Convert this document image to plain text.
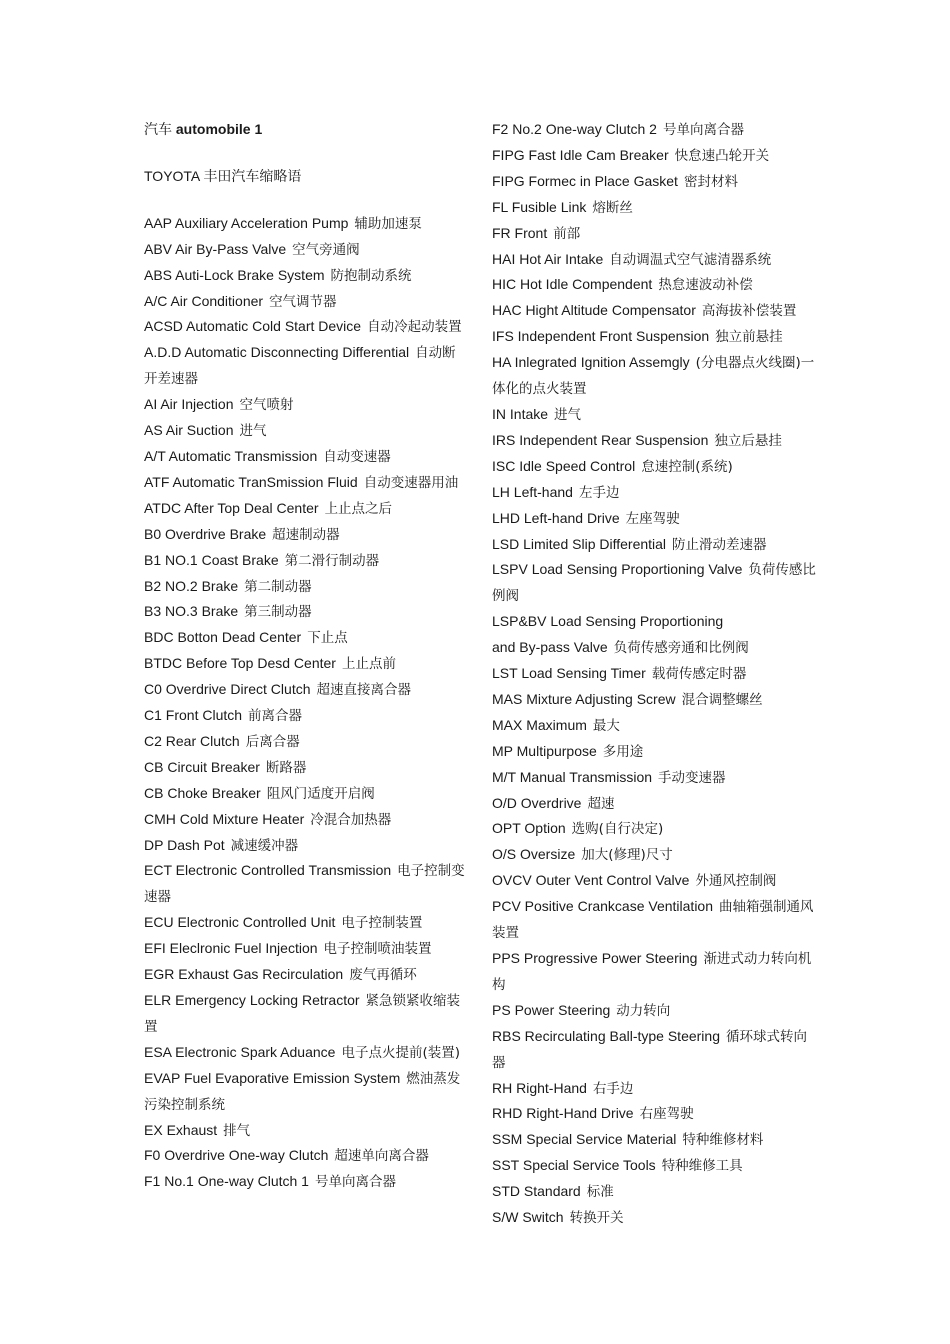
汽车 automobile 1
TOYOTA 丰田汽车缩略语
AAP Auxiliary Acceleration Pump 辅助加速泵
ABV Air By-Pass Valve 空气旁通阀
ABS Auti-Lock Brake System 防抱制动系统
A/C Air Conditioner 空气调节器
ACSD Automatic Cold Start Device 自动冷起动装置
A.D.D Automatic Disconnecting Differential 自动断开差速器
AI Air Injection 空气喷射
AS Air Suction 进气
A/T Automatic Transmission 自动变速器
ATF Automatic TranSmission Fluid 自动变速器用油
ATDC After Top Deal Center 上止点之后
B0 Overdrive Brake 超速制动器
B1 NO.1 Coast Brake 第二滑行制动器
B2 NO.2 Brake 第二制动器
B3 NO.3 Brake 第三制动器
BDC Botton Dead Center 下止点
BTDC Before Top Desd Center 上止点前
C0 Overdrive Direct Clutch 超速直接离合器
C1 Front Clutch 前离合器
C2 Rear Clutch 后离合器
CB Circuit Breaker 断路器
CB Choke Breaker 阻风门适度开启阀
CMH Cold Mixture Heater 冷混合加热器
DP Dash Pot 减速缓冲器
ECT Electronic Controlled Transmission 电子控制变速器
ECU Electronic Controlled Unit 电子控制装置
EFI Eleclronic Fuel Injection 电子控制喷油装置
EGR Exhaust Gas Recirculation 废气再循环
ELR Emergency Locking Retractor 紧急锁紧收缩装置
ESA Electronic Spark Aduance 电子点火提前(装置)
EVAP Fuel Evaporative Emission System 燃油蒸发污染控制系统
EX Exhaust 排气
F0 Overdrive One-way Clutch 超速单向离合器
F1 No.1 One-way Clutch 1 号单向离合器
F2 No.2 One-way Clutch 2 号单向离合器
FIPG Fast Idle Cam Breaker 快怠速凸轮开关
FIPG Formec in Place Gasket 密封材料
FL Fusible Link 熔断丝
FR Front 前部
HAI Hot Air Intake 自动调温式空气滤清器系统
HIC Hot Idle Compendent 热怠速波动补偿
HAC Hight Altitude Compensator 高海拔补偿装置
IFS Independent Front Suspension 独立前悬挂
HA Inlegrated Ignition Assemgly (分电器点火线圈)一体化的点火装置
IN Intake 进气
IRS Independent Rear Suspension 独立后悬挂
ISC Idle Speed Control 怠速控制(系统)
LH Left-hand 左手边
LHD Left-hand Drive 左座驾驶
LSD Limited Slip Differential 防止滑动差速器
LSPV Load Sensing Proportioning Valve 负荷传感比例阀
LSP&BV Load Sensing Proportioning
and By-pass Valve 负荷传感旁通和比例阀
LST Load Sensing Timer 载荷传感定时器
MAS Mixture Adjusting Screw 混合调整螺丝
MAX Maximum 最大
MP Multipurpose 多用途
M/T Manual Transmission 手动变速器
O/D Overdrive 超速
OPT Option 选购(自行决定)
O/S Oversize 加大(修理)尺寸
OVCV Outer Vent Control Valve 外通风控制阀
PCV Positive Crankcase Ventilation 曲轴箱强制通风装置
PPS Progressive Power Steering 渐进式动力转向机构
PS Power Steering 动力转向
RBS Recirculating Ball-type Steering 循环球式转向器
RH Right-Hand 右手边
RHD Right-Hand Drive 右座驾驶
SSM Special Service Material 特种维修材料
SST Special Service Tools 特种维修工具
STD Standard 标准
S/W Switch 转换开关
